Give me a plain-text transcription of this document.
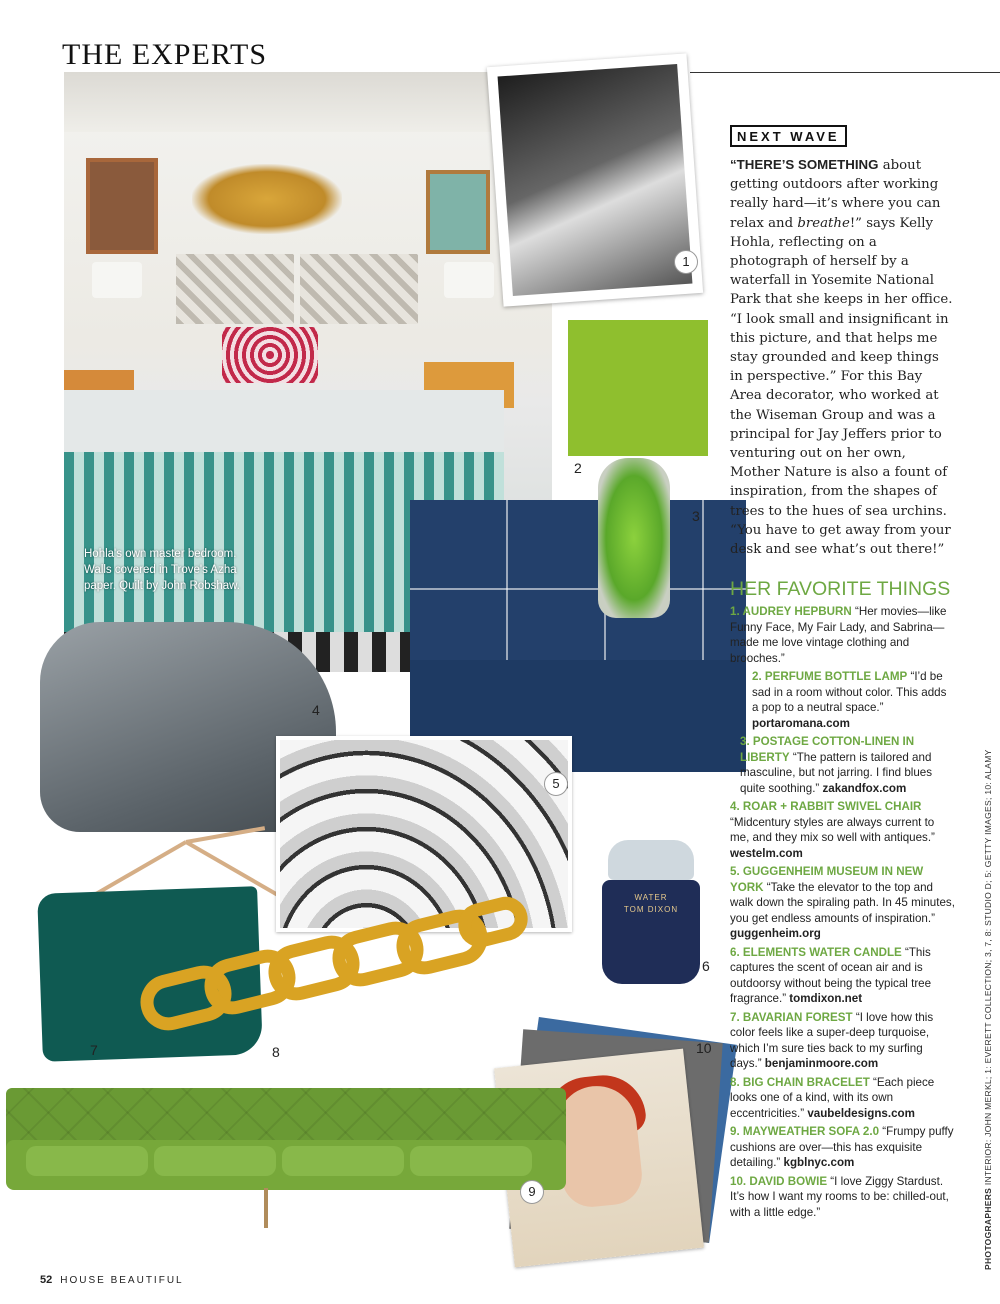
THE EXPERTS
Hohla's own master bedroom. Walls covered in Trove's Azha paper. Quilt by John Robshaw.
WATER
TOM DIXON
1
2
3
4
5
6
7	8
9
10
NEXT WAVE
“THERE’S SOMETHING about getting outdoors after working really hard—it’s where you can relax and breathe!” says Kelly Hohla, reflecting on a photograph of herself by a waterfall in Yosemite National Park that she keeps in her office. “I look small and insignificant in this picture, and that helps me stay grounded and keep things in perspective.” For this Bay Area decorator, who worked at the Wiseman Group and was a principal for Jay Jeffers prior to venturing out on her own, Mother Nature is also a fount of inspiration, from the shapes of trees to the hues of sea urchins. “You have to get away from your desk and see what’s out there!”
HER FAVORITE THINGS
1. AUDREY HEPBURN “Her movies—like Funny Face, My Fair Lady, and Sabrina—made me love vintage clothing and brooches.”
2. PERFUME BOTTLE LAMP “I’d be sad in a room without color. This adds a pop to a neutral space.” portaromana.com
3. POSTAGE COTTON-LINEN IN LIBERTY “The pattern is tailored and masculine, but not jarring. I find blues quite soothing.” zakandfox.com
4. ROAR + RABBIT SWIVEL CHAIR “Midcentury styles are always current to me, and they mix so well with antiques.” westelm.com
5. GUGGENHEIM MUSEUM IN NEW YORK “Take the elevator to the top and walk down the spiraling path. In 45 minutes, you get endless amounts of inspiration.” guggenheim.org
6. ELEMENTS WATER CANDLE “This captures the scent of ocean air and is outdoorsy without being the typical tree fragrance.” tomdixon.net
7. BAVARIAN FOREST “I love how this color feels like a super-deep turquoise, which I’m sure ties back to my surfing days.” benjaminmoore.com
8. BIG CHAIN BRACELET “Each piece looks one of a kind, with its own eccentricities.” vaubeldesigns.com
9. MAYWEATHER SOFA 2.0 “Frumpy puffy cushions are over—this has exquisite detailing.” kgblnyc.com
10. DAVID BOWIE “I love Ziggy Stardust. It’s how I want my rooms to be: chilled-out, with a little edge.”	PHOTOGRAPHERS INTERIOR: JOHN MERKL; 1: EVERETT COLLECTION; 3, 7, 8: STUDIO D; 5: GETTY IMAGES; 10: ALAMY
52 HOUSE BEAUTIFUL
